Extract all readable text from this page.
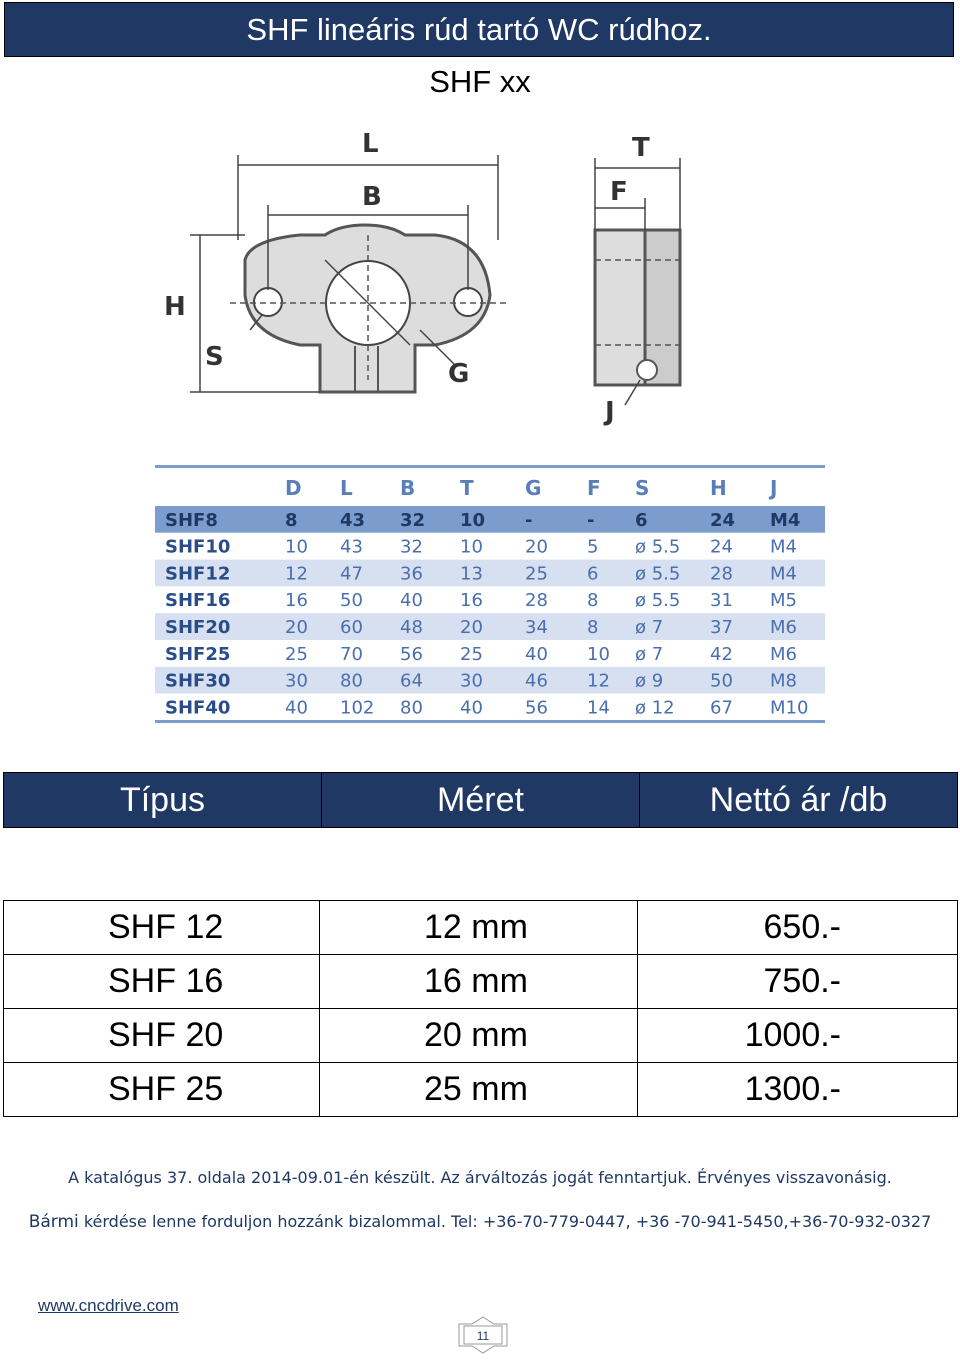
SHF lineáris rúd tartó WC rúdhoz.
SHF xx
L
B
T
F
H
S
G
J
D L B T	G F S	H J
SHF8	8 43 32 10 -	- 6	24 M4
SHF10	10 43 32 10 20 5 ø 5.5 24 M4
SHF12	12 47 36 13 25 6 ø 5.5 28 M4
SHF16	16 50 40 16 28 8 ø 5.5 31 M5
SHF20	20 60 48 20 34 8 ø 7	37 M6
SHF25	25 70 56 25 40 10 ø 7	42 M6
SHF30	30 80 64 30 46 12 ø 9	50 M8
SHF40	40 102 80 40 56 14 ø 12 67 M10
Típus	Méret	Nettó ár /db
SHF 12	12 mm	650.-
SHF 16	16 mm	750.-
SHF 20	20 mm	1000.-
SHF 25	25 mm	1300.-
A katalógus 37. oldala 2014-09.01-én készült. Az árváltozás jogát fenntartjuk. Érvényes visszavonásig.
Bármi kérdése lenne forduljon hozzánk bizalommal. Tel: +36-70-779-0447, +36 -70-941-5450,+36-70-932-0327
www.cncdrive.com
11
